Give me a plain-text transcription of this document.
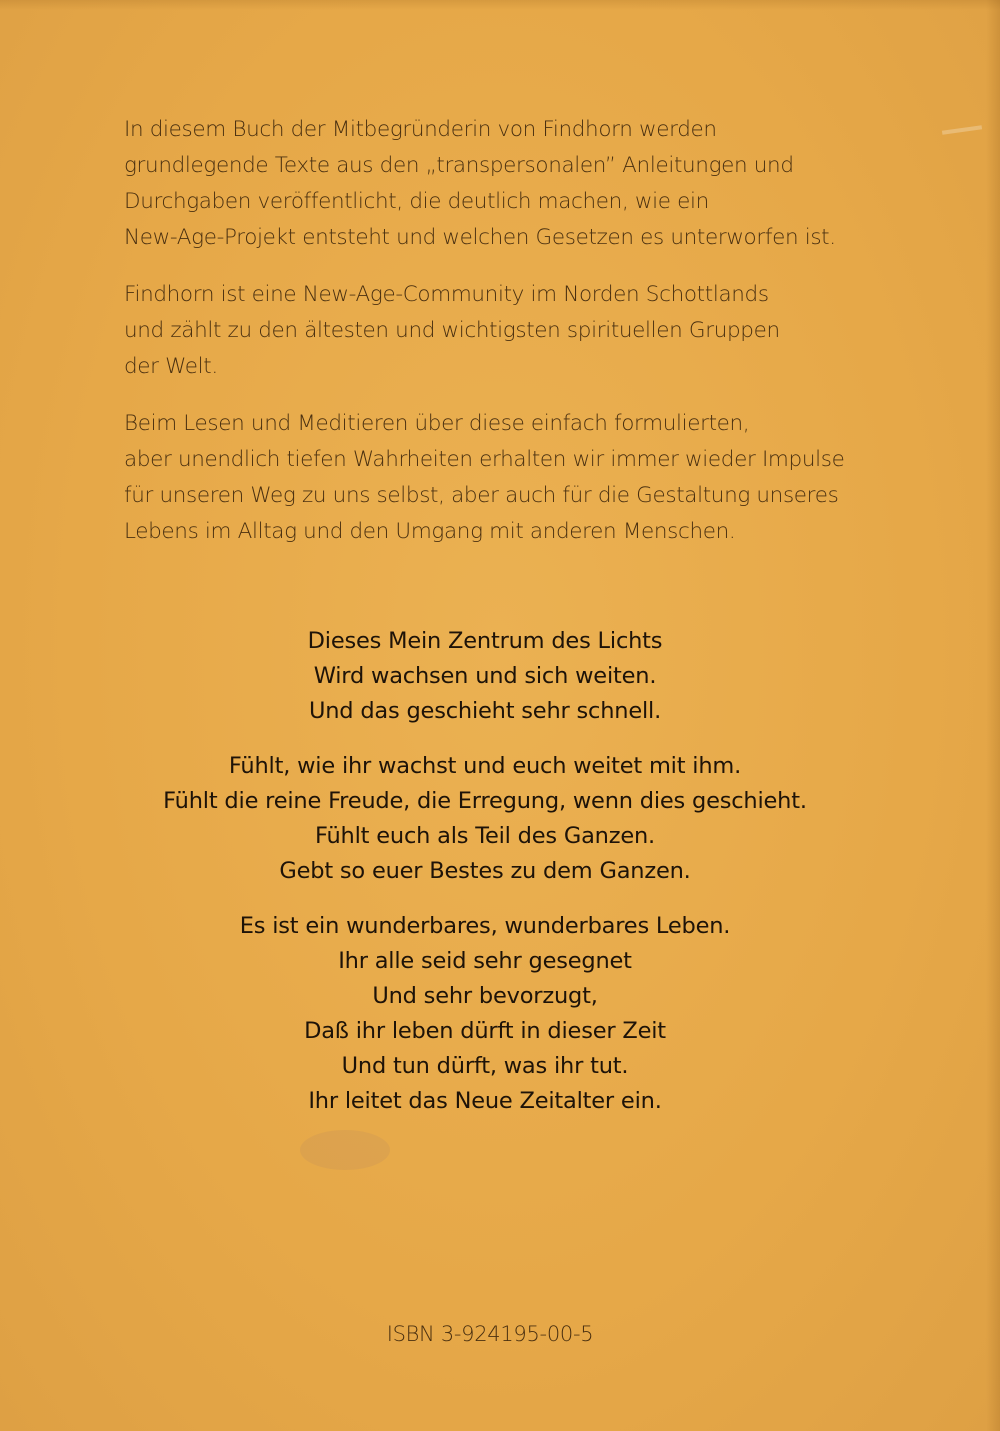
In diesem Buch der Mitbegründerin von Findhorn werden
grundlegende Texte aus den „transpersonalen” Anleitungen und
Durchgaben veröffentlicht, die deutlich machen, wie ein
New-Age-Projekt entsteht und welchen Gesetzen es unterworfen ist.
Findhorn ist eine New-Age-Community im Norden Schottlands
und zählt zu den ältesten und wichtigsten spirituellen Gruppen
der Welt.
Beim Lesen und Meditieren über diese einfach formulierten,
aber unendlich tiefen Wahrheiten erhalten wir immer wieder Impulse
für unseren Weg zu uns selbst, aber auch für die Gestaltung unseres
Lebens im Alltag und den Umgang mit anderen Menschen.
Dieses Mein Zentrum des Lichts
Wird wachsen und sich weiten.
Und das geschieht sehr schnell.
Fühlt, wie ihr wachst und euch weitet mit ihm.
Fühlt die reine Freude, die Erregung, wenn dies geschieht.
Fühlt euch als Teil des Ganzen.
Gebt so euer Bestes zu dem Ganzen.
Es ist ein wunderbares, wunderbares Leben.
Ihr alle seid sehr gesegnet
Und sehr bevorzugt,
Daß ihr leben dürft in dieser Zeit
Und tun dürft, was ihr tut.
Ihr leitet das Neue Zeitalter ein.
ISBN 3-924195-00-5
